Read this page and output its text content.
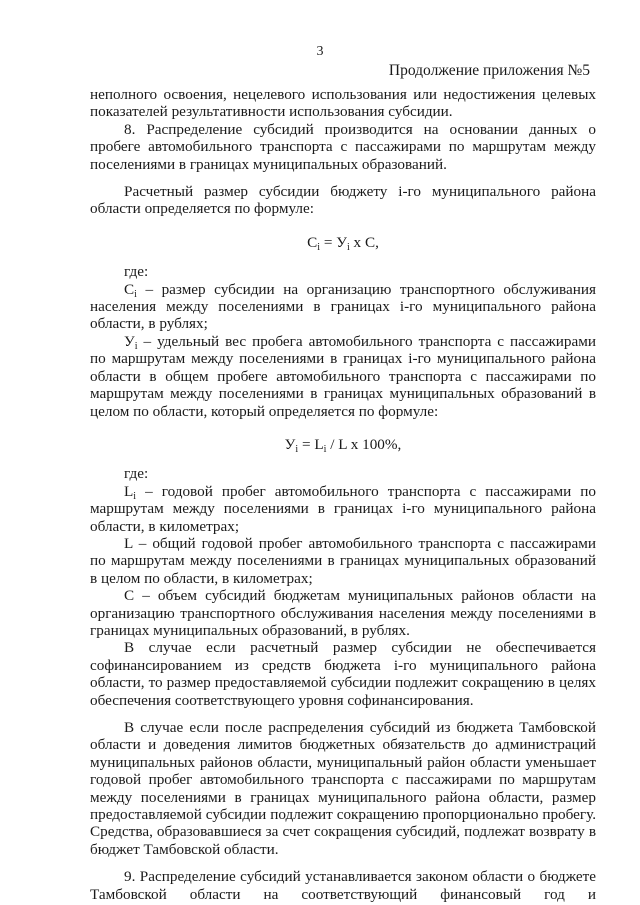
3
Продолжение приложения №5

неполного освоения, нецелевого использования или недостижения целевых показателей результативности использования субсидии.

8. Распределение субсидий производится на основании данных о пробеге автомобильного транспорта с пассажирами по маршрутам между поселениями в границах муниципальных образований.

Расчетный размер субсидии бюджету i-го муниципального района области определяется по формуле:

$C_i = У_i$ x C,

где:

$C_i$ – размер субсидии на организацию транспортного обслуживания населения между поселениями в границах i-го муниципального района области, в рублях;

$У_i$ – удельный вес пробега автомобильного транспорта с пассажирами по маршрутам между поселениями в границах i-го муниципального района области в общем пробеге автомобильного транспорта с пассажирами по маршрутам между поселениями в границах муниципальных образований в целом по области, который определяется по формуле:

$У_i = L_i / L$ x 100%,

где:

$L_i$ – годовой пробег автомобильного транспорта с пассажирами по маршрутам между поселениями в границах i-го муниципального района области, в километрах;

L – общий годовой пробег автомобильного транспорта с пассажирами по маршрутам между поселениями в границах муниципальных образований в целом по области, в километрах;

C – объем субсидий бюджетам муниципальных районов области на организацию транспортного обслуживания населения между поселениями в границах муниципальных образований, в рублях.

В случае если расчетный размер субсидии не обеспечивается софинансированием из средств бюджета i-го муниципального района области, то размер предоставляемой субсидии подлежит сокращению в целях обеспечения соответствующего уровня софинансирования.

В случае если после распределения субсидий из бюджета Тамбовской области и доведения лимитов бюджетных обязательств до администраций муниципальных районов области, муниципальный район области уменьшает годовой пробег автомобильного транспорта с пассажирами по маршрутам между поселениями в границах муниципального района области, размер предоставляемой субсидии подлежит сокращению пропорционально пробегу. Средства, образовавшиеся за счет сокращения субсидий, подлежат возврату в бюджет Тамбовской области.

9. Распределение субсидий устанавливается законом области о бюджете Тамбовской области на соответствующий финансовый год и
